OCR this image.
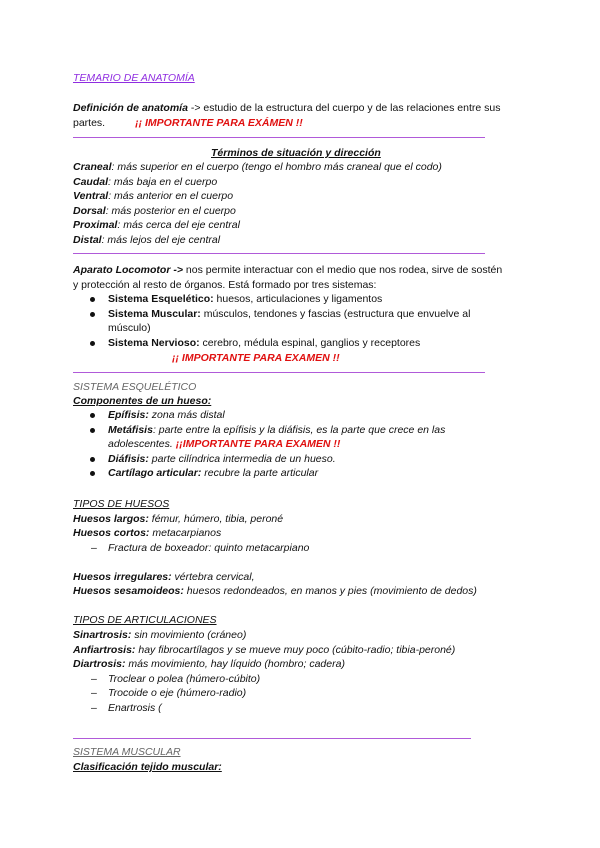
TEMARIO DE ANATOMÍA
Definición de anatomía -> estudio de la estructura del cuerpo y de las relaciones entre sus
partes.	¡¡ IMPORTANTE PARA EXÁMEN !!
Términos de situación y dirección
Craneal: más superior en el cuerpo (tengo el hombro más craneal que el codo)
Caudal: más baja en el cuerpo
Ventral: más anterior en el cuerpo
Dorsal: más posterior en el cuerpo
Proximal: más cerca del eje central
Distal: más lejos del eje central
Aparato Locomotor -> nos permite interactuar con el medio que nos rodea, sirve de sostén
y protección al resto de órganos. Está formado por tres sistemas:
Sistema Esquelético: huesos, articulaciones y ligamentos
Sistema Muscular: músculos, tendones y fascias (estructura que envuelve al
músculo)
Sistema Nervioso: cerebro, médula espinal, ganglios y receptores
¡¡ IMPORTANTE PARA EXAMEN !!
SISTEMA ESQUELÉTICO
Componentes de un hueso:
Epífisis: zona más distal
Metáfisis: parte entre la epífisis y la diáfisis, es la parte que crece en las
adolescentes. ¡¡IMPORTANTE PARA EXAMEN !!
Diáfisis: parte cilíndrica intermedia de un hueso.
Cartílago articular: recubre la parte articular
TIPOS DE HUESOS
Huesos largos: fémur, húmero, tibia, peroné
Huesos cortos: metacarpianos
– Fractura de boxeador: quinto metacarpiano
Huesos irregulares: vértebra cervical,
Huesos sesamoideos: huesos redondeados, en manos y pies (movimiento de dedos)
TIPOS DE ARTICULACIONES
Sinartrosis: sin movimiento (cráneo)
Anfiartrosis: hay fibrocartílagos y se mueve muy poco (cúbito-radio; tibia-peroné)
Diartrosis: más movimiento, hay líquido (hombro; cadera)
– Troclear o polea (húmero-cúbito)
– Trocoide o eje (húmero-radio)
– Enartrosis (
SISTEMA MUSCULAR
Clasificación tejido muscular:
